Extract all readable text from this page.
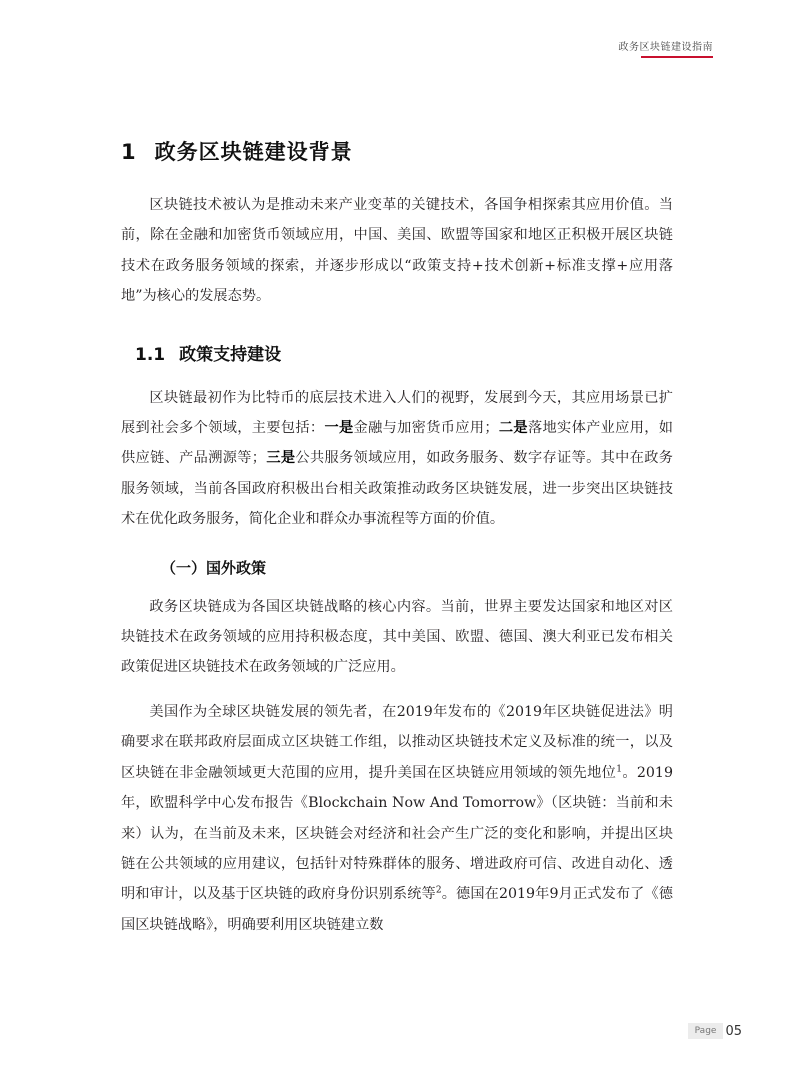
政务区块链建设指南
1 政务区块链建设背景

区块链技术被认为是推动未来产业变革的关键技术，各国争相探索其应用价值。当前，除在金融和加密货币领域应用，中国、美国、欧盟等国家和地区正积极开展区块链技术在政务服务领域的探索，并逐步形成以“政策支持+技术创新+标准支撑+应用落地”为核心的发展态势。

1.1 政策支持建设

区块链最初作为比特币的底层技术进入人们的视野，发展到今天，其应用场景已扩展到社会多个领域，主要包括：一是金融与加密货币应用；二是落地实体产业应用，如供应链、产品溯源等；三是公共服务领域应用，如政务服务、数字存证等。其中在政务服务领域，当前各国政府积极出台相关政策推动政务区块链发展，进一步突出区块链技术在优化政务服务，简化企业和群众办事流程等方面的价值。

（一）国外政策

政务区块链成为各国区块链战略的核心内容。当前，世界主要发达国家和地区对区块链技术在政务领域的应用持积极态度，其中美国、欧盟、德国、澳大利亚已发布相关政策促进区块链技术在政务领域的广泛应用。

美国作为全球区块链发展的领先者，在2019年发布的《2019年区块链促进法》明确要求在联邦政府层面成立区块链工作组，以推动区块链技术定义及标准的统一，以及区块链在非金融领域更大范围的应用，提升美国在区块链应用领域的领先地位$^1$。2019年，欧盟科学中心发布报告《Blockchain Now And Tomorrow》（区块链：当前和未来）认为，在当前及未来，区块链会对经济和社会产生广泛的变化和影响，并提出区块链在公共领域的应用建议，包括针对特殊群体的服务、增进政府可信、改进自动化、透明和审计，以及基于区块链的政府身份识别系统等$^2$。德国在2019年9月正式发布了《德国区块链战略》，明确要利用区块链建立数

Page 05
